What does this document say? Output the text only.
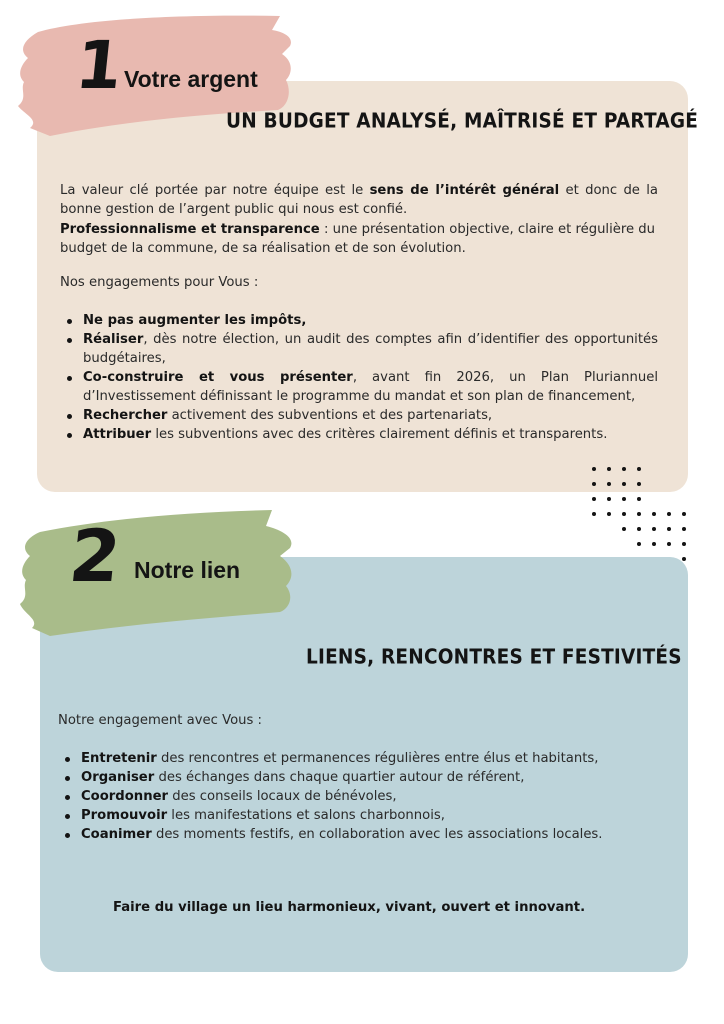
1
Votre argent
UN BUDGET ANALYSÉ, MAÎTRISÉ ET PARTAGÉ
La valeur clé portée par notre équipe est le sens de l’intérêt général et donc de la bonne gestion de l’argent public qui nous est confié.
Professionnalisme et transparence : une présentation objective, claire et régulière du budget de la commune, de sa réalisation et de son évolution.
Nos engagements pour Vous :
Ne pas augmenter les impôts,
Réaliser, dès notre élection, un audit des comptes afin d’identifier des opportunités budgétaires,
Co-construire et vous présenter, avant fin 2026, un Plan Pluriannuel d’Investissement définissant le programme du mandat et son plan de financement,
Rechercher activement des subventions et des partenariats,
Attribuer les subventions avec des critères clairement définis et transparents.
2 Notre lien
LIENS, RENCONTRES ET FESTIVITÉS
Notre engagement avec Vous :
Entretenir des rencontres et permanences régulières entre élus et habitants,
Organiser des échanges dans chaque quartier autour de référent,
Coordonner des conseils locaux de bénévoles,
Promouvoir les manifestations et salons charbonnois,
Coanimer des moments festifs, en collaboration avec les associations locales.
Faire du village un lieu harmonieux, vivant, ouvert et innovant.
